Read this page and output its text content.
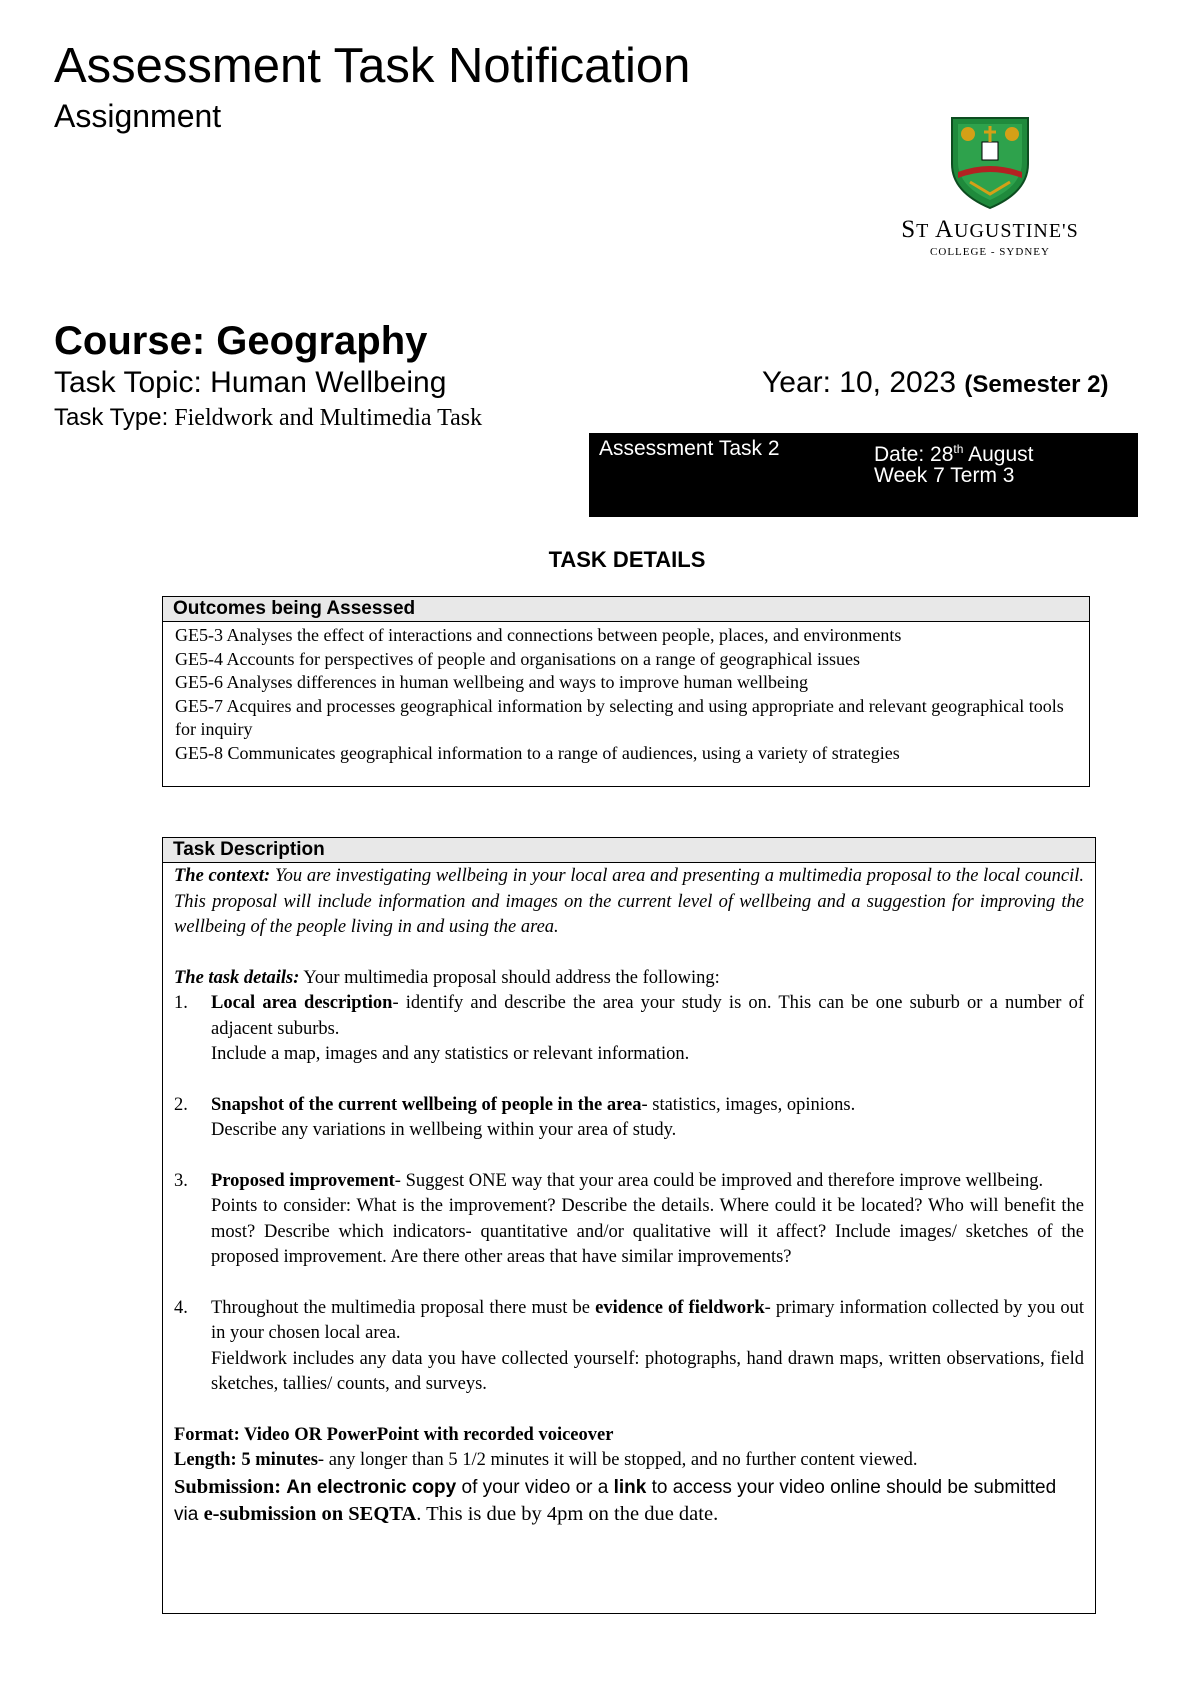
Assessment Task Notification
Assignment
ST AUGUSTINE'S
COLLEGE - SYDNEY
Course: Geography
Task Topic: Human Wellbeing	Year: 10, 2023 (Semester 2)
Task Type: Fieldwork and Multimedia Task
Assessment Task 2	Date: 28th August
Week 7 Term 3
TASK DETAILS
Outcomes being Assessed
GE5-3 Analyses the effect of interactions and connections between people, places, and environments
GE5-4 Accounts for perspectives of people and organisations on a range of geographical issues
GE5-6 Analyses differences in human wellbeing and ways to improve human wellbeing
GE5-7 Acquires and processes geographical information by selecting and using appropriate and relevant geographical tools for inquiry
GE5-8 Communicates geographical information to a range of audiences, using a variety of strategies
Task Description
The context: You are investigating wellbeing in your local area and presenting a multimedia proposal to the local council. This proposal will include information and images on the current level of wellbeing and a suggestion for improving the wellbeing of the people living in and using the area.
The task details: Your multimedia proposal should address the following:
1. Local area description- identify and describe the area your study is on. This can be one suburb or a number of adjacent suburbs.
Include a map, images and any statistics or relevant information.
2. Snapshot of the current wellbeing of people in the area- statistics, images, opinions.
Describe any variations in wellbeing within your area of study.
3. Proposed improvement- Suggest ONE way that your area could be improved and therefore improve wellbeing.
Points to consider: What is the improvement? Describe the details. Where could it be located? Who will benefit the most? Describe which indicators- quantitative and/or qualitative will it affect? Include images/ sketches of the proposed improvement. Are there other areas that have similar improvements?
4. Throughout the multimedia proposal there must be evidence of fieldwork- primary information collected by you out in your chosen local area.
Fieldwork includes any data you have collected yourself: photographs, hand drawn maps, written observations, field sketches, tallies/ counts, and surveys.
Format: Video OR PowerPoint with recorded voiceover
Length: 5 minutes- any longer than 5 1/2 minutes it will be stopped, and no further content viewed.
Submission: An electronic copy of your video or a link to access your video online should be submitted via e-submission on SEQTA. This is due by 4pm on the due date.
